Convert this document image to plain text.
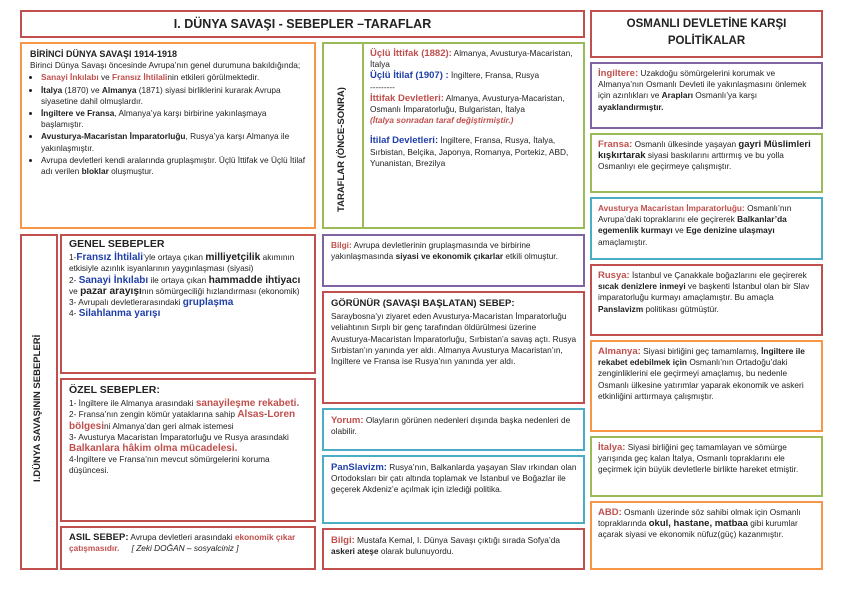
I. DÜNYA SAVAŞI - SEBEPLER –TARAFLAR	OSMANLI DEVLETİNE KARŞI POLİTİKALAR
BİRİNCİ DÜNYA SAVAŞI 1914-1918
Birinci Dünya Savaşı öncesinde Avrupa’nın genel durumuna bakıldığında;
• Sanayi İnkılabı ve Fransız İhtilalinin etkileri görülmektedir.
• İtalya (1870) ve Almanya (1871) siyasi birliklerini kurarak Avrupa siyasetine dahil olmuşlardır.
• İngiltere ve Fransa, Almanya’ya karşı birbirine yakınlaşmaya başlamıştır.
• Avusturya-Macaristan İmparatorluğu, Rusya’ya karşı Almanya ile yakınlaşmıştır.
• Avrupa devletleri kendi aralarında gruplaşmıştır. Üçlü İttifak ve Üçlü İtilaf adı verilen bloklar oluşmuştur.	TARAFLAR (ÖNCE-SONRA)
Üçlü İttifak (1882): Almanya, Avusturya-Macaristan, İtalya
Üçlü İtilaf (1907) : İngiltere, Fransa, Rusya
---------
İttifak Devletleri: Almanya, Avusturya-Macaristan, Osmanlı İmparatorluğu, Bulgaristan, İtalya
(İtalya sonradan taraf değiştirmiştir.)
İtilaf Devletleri: İngiltere, Fransa, Rusya, İtalya, Sırbistan, Belçika, Japonya, Romanya, Portekiz, ABD, Yunanistan, Brezilya
I.DÜNYA SAVAŞININ SEBEPLERİ
GENEL SEBEPLER
1-Fransız İhtilali’yle ortaya çıkan milliyetçilik akımının etkisiyle azınlık isyanlarının yaygınlaşması (siyasi)
2- Sanayi İnkılabı ile ortaya çıkan hammadde ihtiyacı ve pazar arayışının sömürgeciliği hızlandırması (ekonomik)
3- Avrupalı devletlerarasındaki gruplaşma
4- Silahlanma yarışı
ÖZEL SEBEPLER:
1- İngiltere ile Almanya arasındaki sanayileşme rekabeti.
2- Fransa’nın zengin kömür yataklarına sahip Alsas-Loren bölgesini Almanya’dan geri almak istemesi
3- Avusturya Macaristan İmparatorluğu ve Rusya arasındaki Balkanlara hâkim olma mücadelesi.
4-İngiltere ve Fransa’nın mevcut sömürgelerini koruma düşüncesi.
ASIL SEBEP: Avrupa devletleri arasındaki ekonomik çıkar çatışmasıdır. [ Zeki DOĞAN – sosyalciniz ]
Bilgi: Avrupa devletlerinin gruplaşmasında ve birbirine yakınlaşmasında siyasi ve ekonomik çıkarlar etkili olmuştur.
GÖRÜNÜR (SAVAŞI BAŞLATAN) SEBEP:
Saraybosna’yı ziyaret eden Avusturya-Macaristan İmparatorluğu veliahtının Sırplı bir genç tarafından öldürülmesi üzerine Avusturya-Macaristan İmparatorluğu, Sırbistan’a savaş açtı. Rusya Sırbistan’ın yanında yer aldı. Almanya Avusturya Macaristan’ın, İngiltere ve Fransa ise Rusya’nın yanında yer aldı.
Yorum: Olayların görünen nedenleri dışında başka nedenleri de olabilir.
PanSlavizm: Rusya’nın, Balkanlarda yaşayan Slav ırkından olan Ortodoksları bir çatı altında toplamak ve İstanbul ve Boğazlar ile geçerek Akdeniz’e açılmak için izlediği politika.
Bilgi: Mustafa Kemal, I. Dünya Savaşı çıktığı sırada Sofya’da askeri ateşe olarak bulunuyordu.
İngiltere: Uzakdoğu sömürgelerini korumak ve Almanya’nın Osmanlı Devleti ile yakınlaşmasını önlemek için azınlıkları ve Arapları Osmanlı’ya karşı ayaklandırmıştır.
Fransa: Osmanlı ülkesinde yaşayan gayri Müslimleri kışkırtarak siyasi baskılarını arttırmış ve bu yolla Osmanlıyı ele geçirmeye çalışmıştır.
Avusturya Macaristan İmparatorluğu: Osmanlı’nın Avrupa’daki topraklarını ele geçirerek Balkanlar’da egemenlik kurmayı ve Ege denizine ulaşmayı amaçlamıştır.
Rusya: İstanbul ve Çanakkale boğazlarını ele geçirerek sıcak denizlere inmeyi ve başkenti İstanbul olan bir Slav imparatorluğu kurmayı amaçlamıştır. Bu amaçla Panslavizm politikası gütmüştür.
Almanya: Siyasi birliğini geç tamamlamış, İngiltere ile rekabet edebilmek için Osmanlı’nın Ortadoğu’daki zenginliklerini ele geçirmeyi amaçlamış, bu nedenle Osmanlı ülkesine yatırımlar yaparak ekonomik ve askeri etkinliğini arttırmaya çalışmıştır.
İtalya: Siyasi birliğini geç tamamlayan ve sömürge yarışında geç kalan İtalya, Osmanlı topraklarını ele geçirmek için büyük devletlerle birlikte hareket etmiştir.
ABD: Osmanlı üzerinde söz sahibi olmak için Osmanlı topraklarında okul, hastane, matbaa gibi kurumlar açarak siyasi ve ekonomik nüfuz(güç) kazanmıştır.
